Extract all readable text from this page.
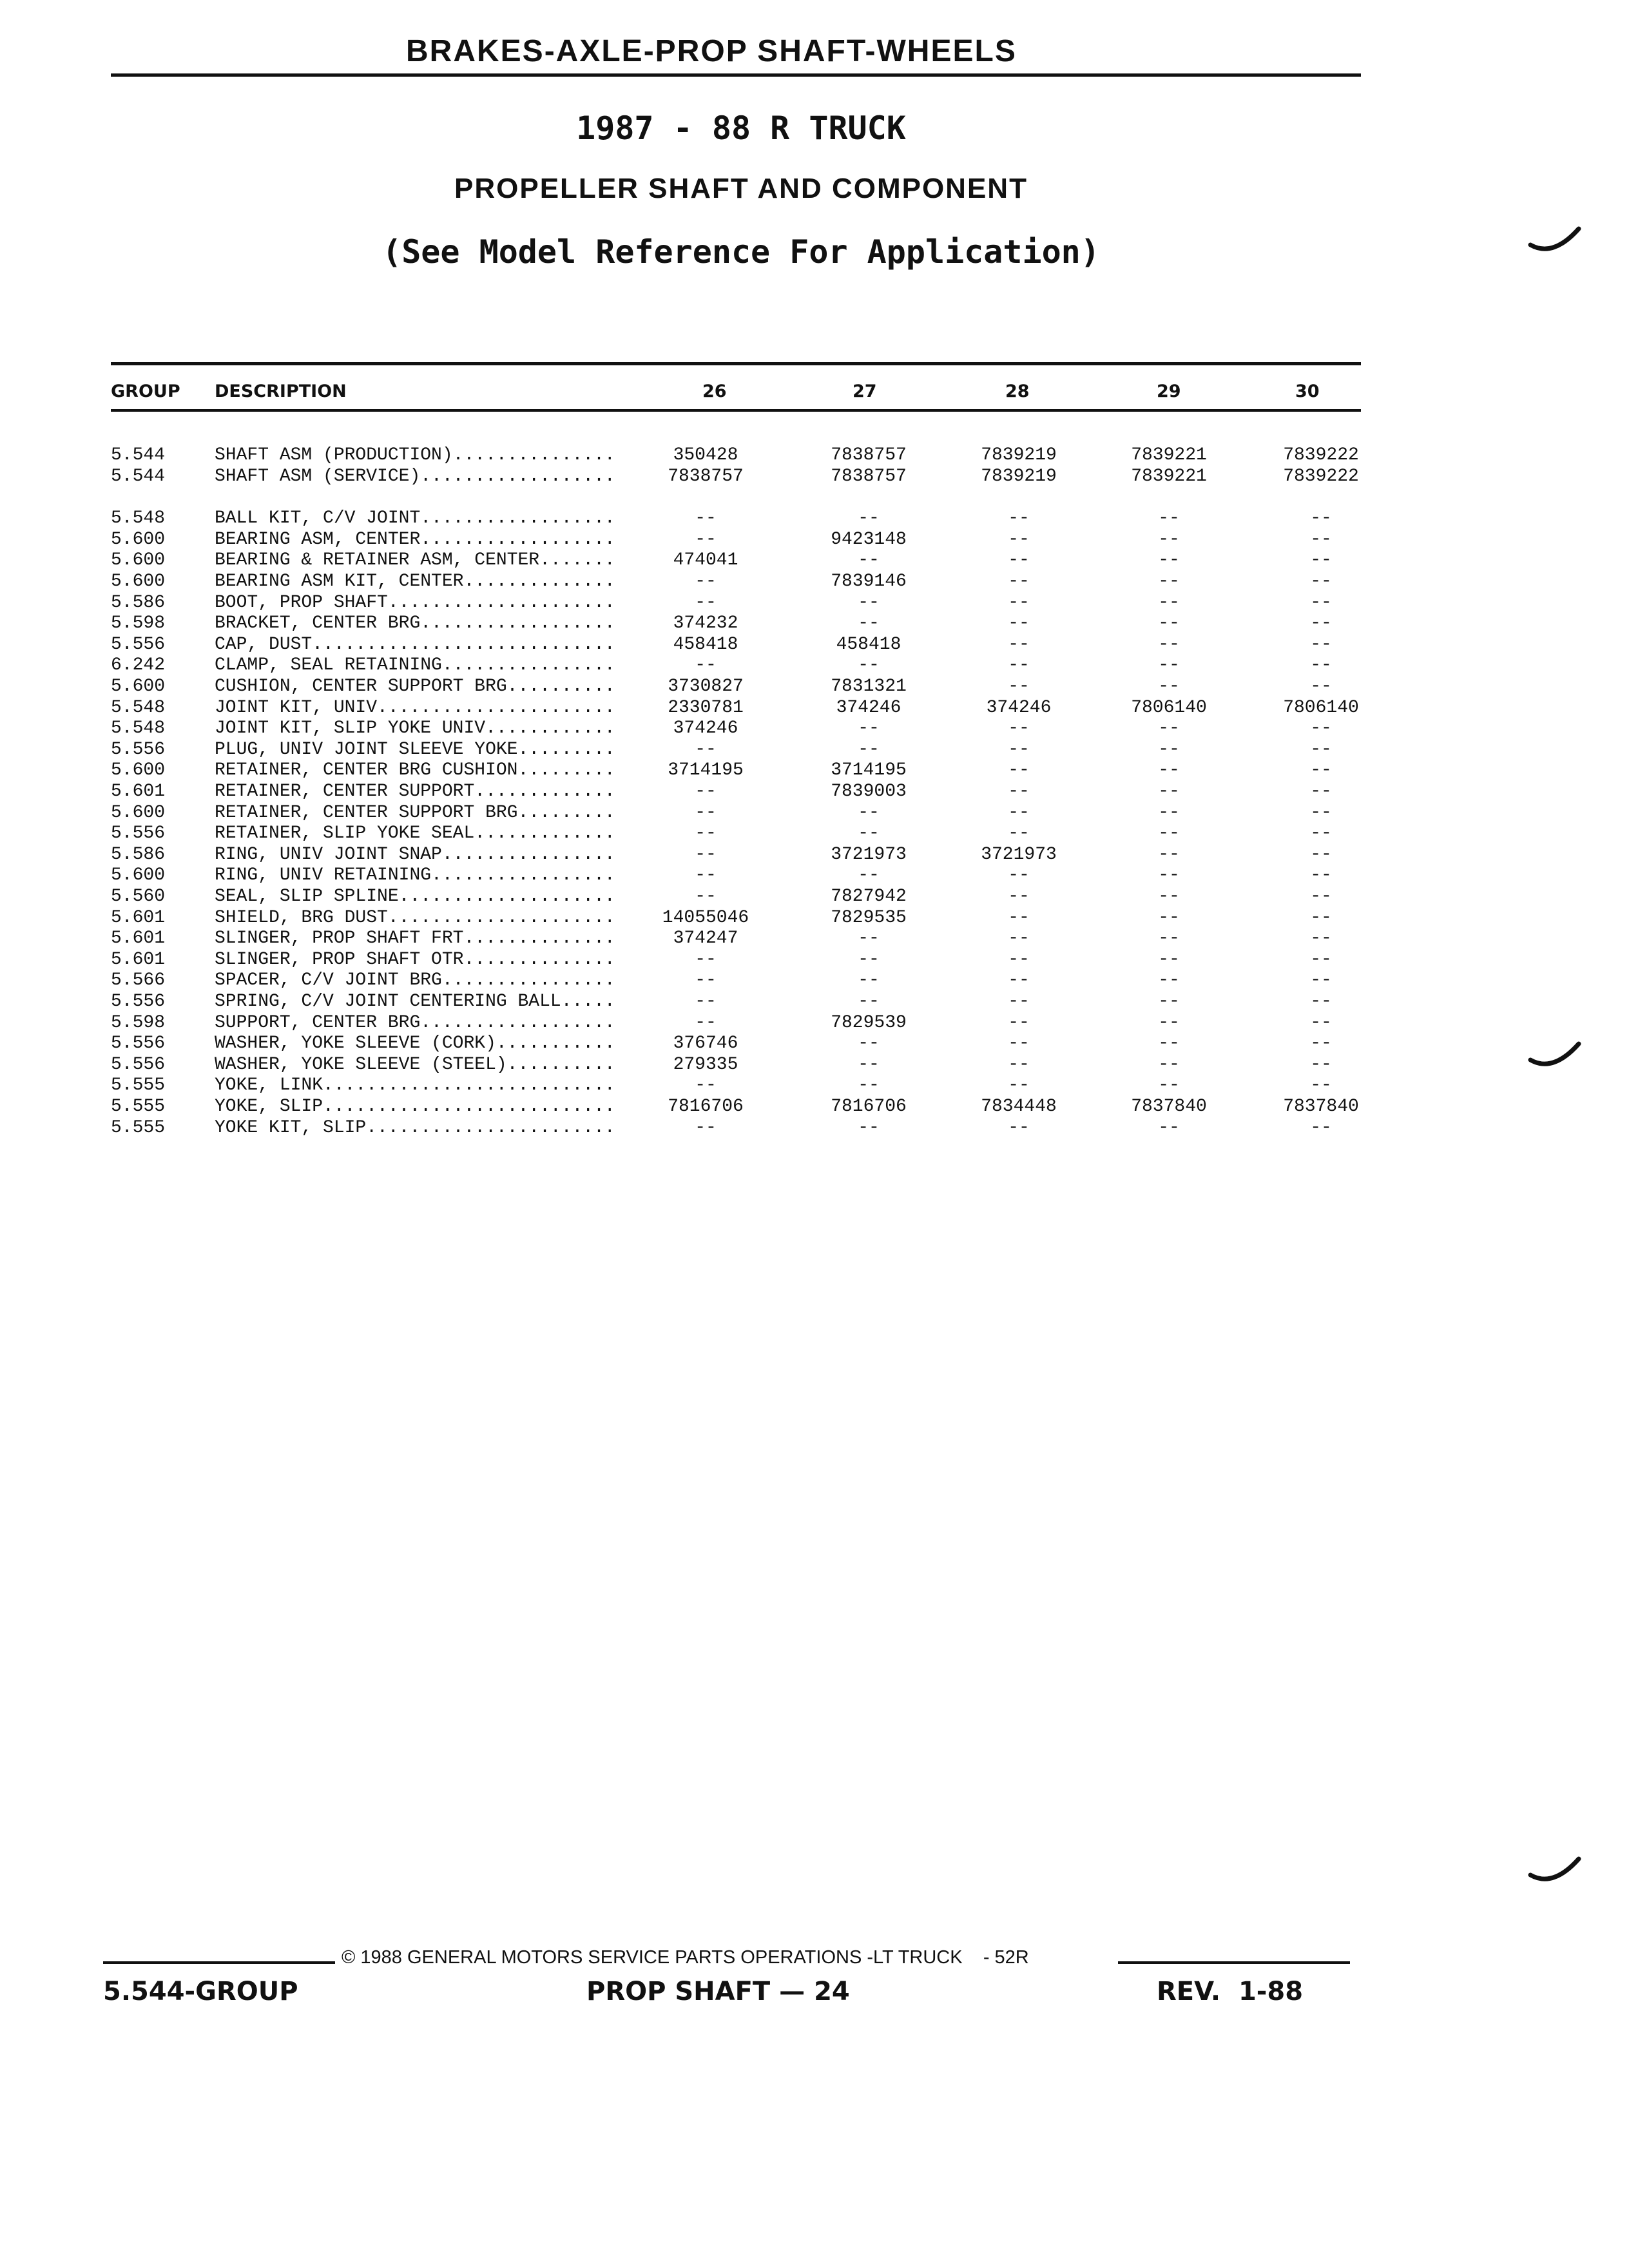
BRAKES-AXLE-PROP SHAFT-WHEELS
1987 - 88 R TRUCK
PROPELLER SHAFT AND COMPONENT
(See Model Reference For Application)
GROUP DESCRIPTION	26	27	28	29	30
5.544	SHAFT ASM (PRODUCTION)...............	350428	7838757	7839219	7839221	7839222
5.544	SHAFT ASM (SERVICE)..................	7838757	7838757	7839219	7839221	7839222
5.548	BALL KIT, C/V JOINT..................	--	--	--	--	--
5.600	BEARING ASM, CENTER..................	--	9423148	--	--	--
5.600	BEARING & RETAINER ASM, CENTER.......	474041	--	--	--	--
5.600	BEARING ASM KIT, CENTER..............	--	7839146	--	--	--
5.586	BOOT, PROP SHAFT.....................	--	--	--	--	--
5.598	BRACKET, CENTER BRG..................	374232	--	--	--	--
5.556	CAP, DUST............................	458418	458418	--	--	--
6.242	CLAMP, SEAL RETAINING................	--	--	--	--	--
5.600	CUSHION, CENTER SUPPORT BRG..........	3730827	7831321	--	--	--
5.548	JOINT KIT, UNIV......................	2330781	374246	374246	7806140	7806140
5.548	JOINT KIT, SLIP YOKE UNIV............	374246	--	--	--	--
5.556	PLUG, UNIV JOINT SLEEVE YOKE.........	--	--	--	--	--
5.600	RETAINER, CENTER BRG CUSHION.........	3714195	3714195	--	--	--
5.601	RETAINER, CENTER SUPPORT.............	--	7839003	--	--	--
5.600	RETAINER, CENTER SUPPORT BRG.........	--	--	--	--	--
5.556	RETAINER, SLIP YOKE SEAL.............	--	--	--	--	--
5.586	RING, UNIV JOINT SNAP................	--	3721973	3721973	--	--
5.600	RING, UNIV RETAINING.................	--	--	--	--	--
5.560	SEAL, SLIP SPLINE....................	--	7827942	--	--	--
5.601	SHIELD, BRG DUST.....................	14055046	7829535	--	--	--
5.601	SLINGER, PROP SHAFT FRT..............	374247	--	--	--	--
5.601	SLINGER, PROP SHAFT OTR..............	--	--	--	--	--
5.566	SPACER, C/V JOINT BRG................	--	--	--	--	--
5.556	SPRING, C/V JOINT CENTERING BALL.....	--	--	--	--	--
5.598	SUPPORT, CENTER BRG..................	--	7829539	--	--	--
5.556	WASHER, YOKE SLEEVE (CORK)...........	376746	--	--	--	--
5.556	WASHER, YOKE SLEEVE (STEEL)..........	279335	--	--	--	--
5.555	YOKE, LINK...........................	--	--	--	--	--
5.555	YOKE, SLIP...........................	7816706	7816706	7834448	7837840	7837840
5.555	YOKE KIT, SLIP.......................	--	--	--	--	--
© 1988 GENERAL MOTORS SERVICE PARTS OPERATIONS -LT TRUCK    - 52R
5.544-GROUP	PROP SHAFT — 24	REV.  1-88
